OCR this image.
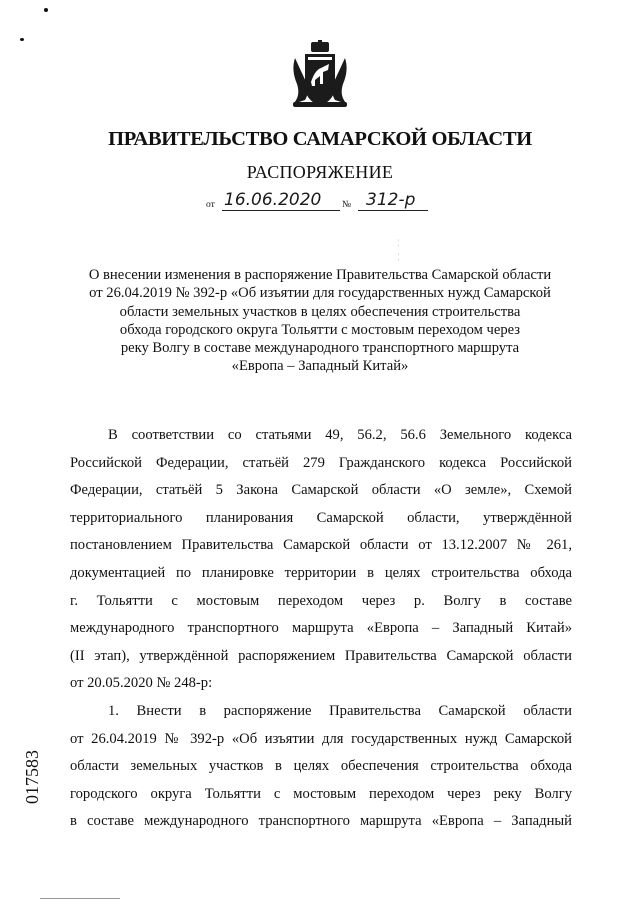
ПРАВИТЕЛЬСТВО САМАРСКОЙ ОБЛАСТИ
РАСПОРЯЖЕНИЕ
от 16.06.2020 № 312-р
¦
¦
О внесении изменения в распоряжение Правительства Самарской области
от 26.04.2019 № 392-р «Об изъятии для государственных нужд Самарской
области земельных участков в целях обеспечения строительства
обхода городского округа Тольятти с мостовым переходом через
реку Волгу в составе международного транспортного маршрута
«Европа – Западный Китай»
В соответствии со статьями 49, 56.2, 56.6 Земельного кодекса
Российской Федерации, статьёй 279 Гражданского кодекса Российской
Федерации, статьёй 5 Закона Самарской области «О земле», Схемой
территориального планирования Самарской области, утверждённой
постановлением Правительства Самарской области от 13.12.2007 № 261,
документацией по планировке территории в целях строительства обхода
г. Тольятти с мостовым переходом через р. Волгу в составе
международного транспортного маршрута «Европа – Западный Китай»
(II этап), утверждённой распоряжением Правительства Самарской области
от 20.05.2020 № 248-р:
1. Внести в распоряжение Правительства Самарской области
от 26.04.2019 № 392-р «Об изъятии для государственных нужд Самарской
области земельных участков в целях обеспечения строительства обхода
городского округа Тольятти с мостовым переходом через реку Волгу
в составе международного транспортного маршрута «Европа – Западный
017583
